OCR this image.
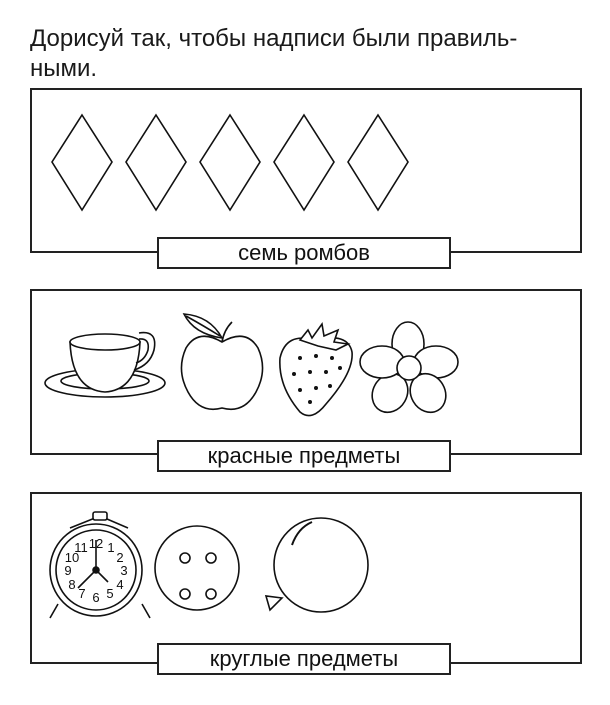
Дорисуй так, чтобы надписи были правиль-
ными.

семь ромбов
красные предметы
12 1
2
3
4
5
6
7
8
9
10
11
круглые предметы
